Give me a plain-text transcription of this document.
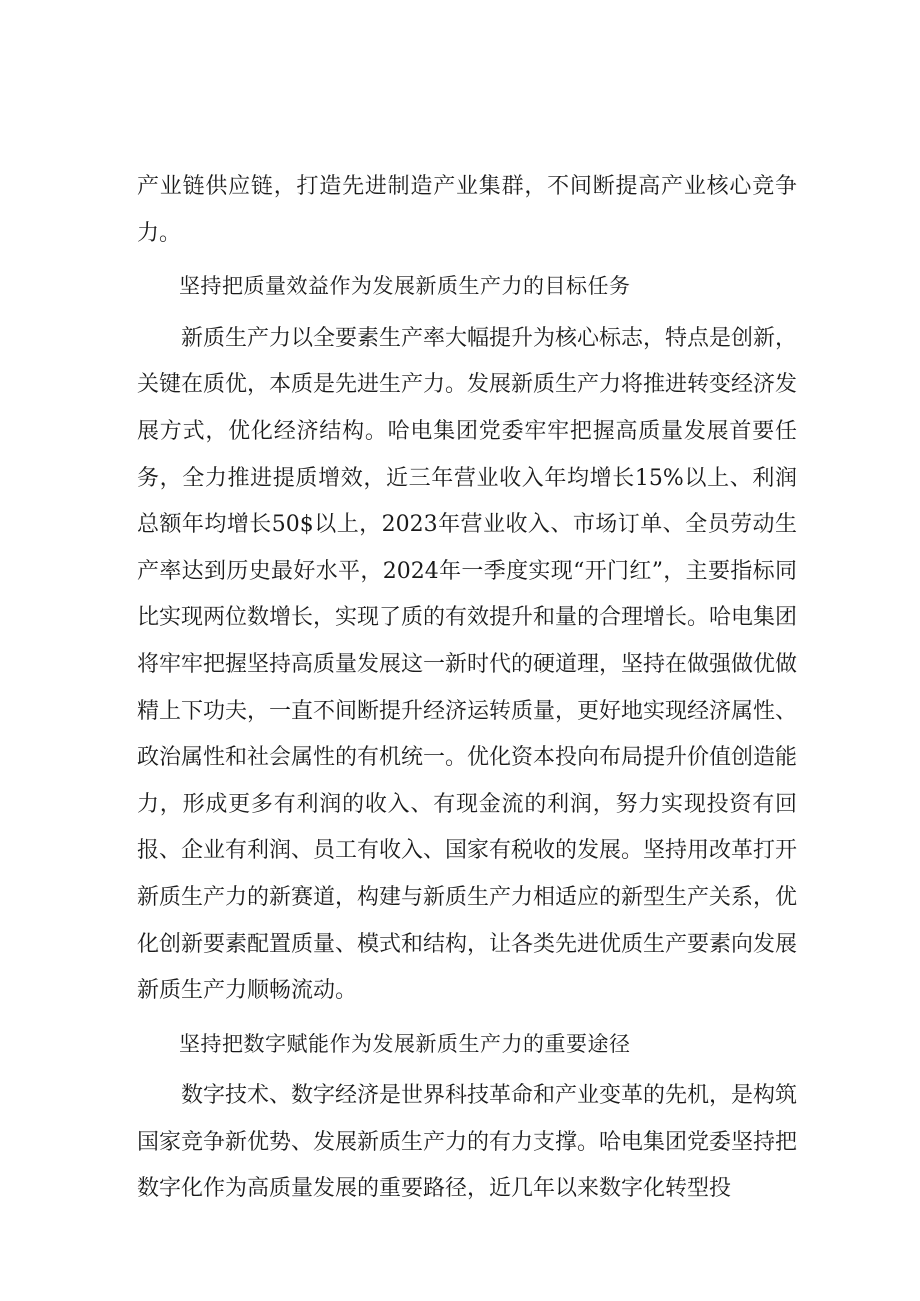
产业链供应链，打造先进制造产业集群，不间断提高产业核心竞争力。

坚持把质量效益作为发展新质生产力的目标任务

新质生产力以全要素生产率大幅提升为核心标志，特点是创新，关键在质优，本质是先进生产力。发展新质生产力将推进转变经济发展方式，优化经济结构。哈电集团党委牢牢把握高质量发展首要任务，全力推进提质增效，近三年营业收入年均增长15%以上、利润总额年均增长50$以上，2023年营业收入、市场订单、全员劳动生产率达到历史最好水平，2024年一季度实现“开门红”，主要指标同比实现两位数增长，实现了质的有效提升和量的合理增长。哈电集团将牢牢把握坚持高质量发展这一新时代的硬道理，坚持在做强做优做精上下功夫，一直不间断提升经济运转质量，更好地实现经济属性、政治属性和社会属性的有机统一。优化资本投向布局提升价值创造能力，形成更多有利润的收入、有现金流的利润，努力实现投资有回报、企业有利润、员工有收入、国家有税收的发展。坚持用改革打开新质生产力的新赛道，构建与新质生产力相适应的新型生产关系，优化创新要素配置质量、模式和结构，让各类先进优质生产要素向发展新质生产力顺畅流动。

坚持把数字赋能作为发展新质生产力的重要途径

数字技术、数字经济是世界科技革命和产业变革的先机，是构筑国家竞争新优势、发展新质生产力的有力支撑。哈电集团党委坚持把数字化作为高质量发展的重要路径，近几年以来数字化转型投
